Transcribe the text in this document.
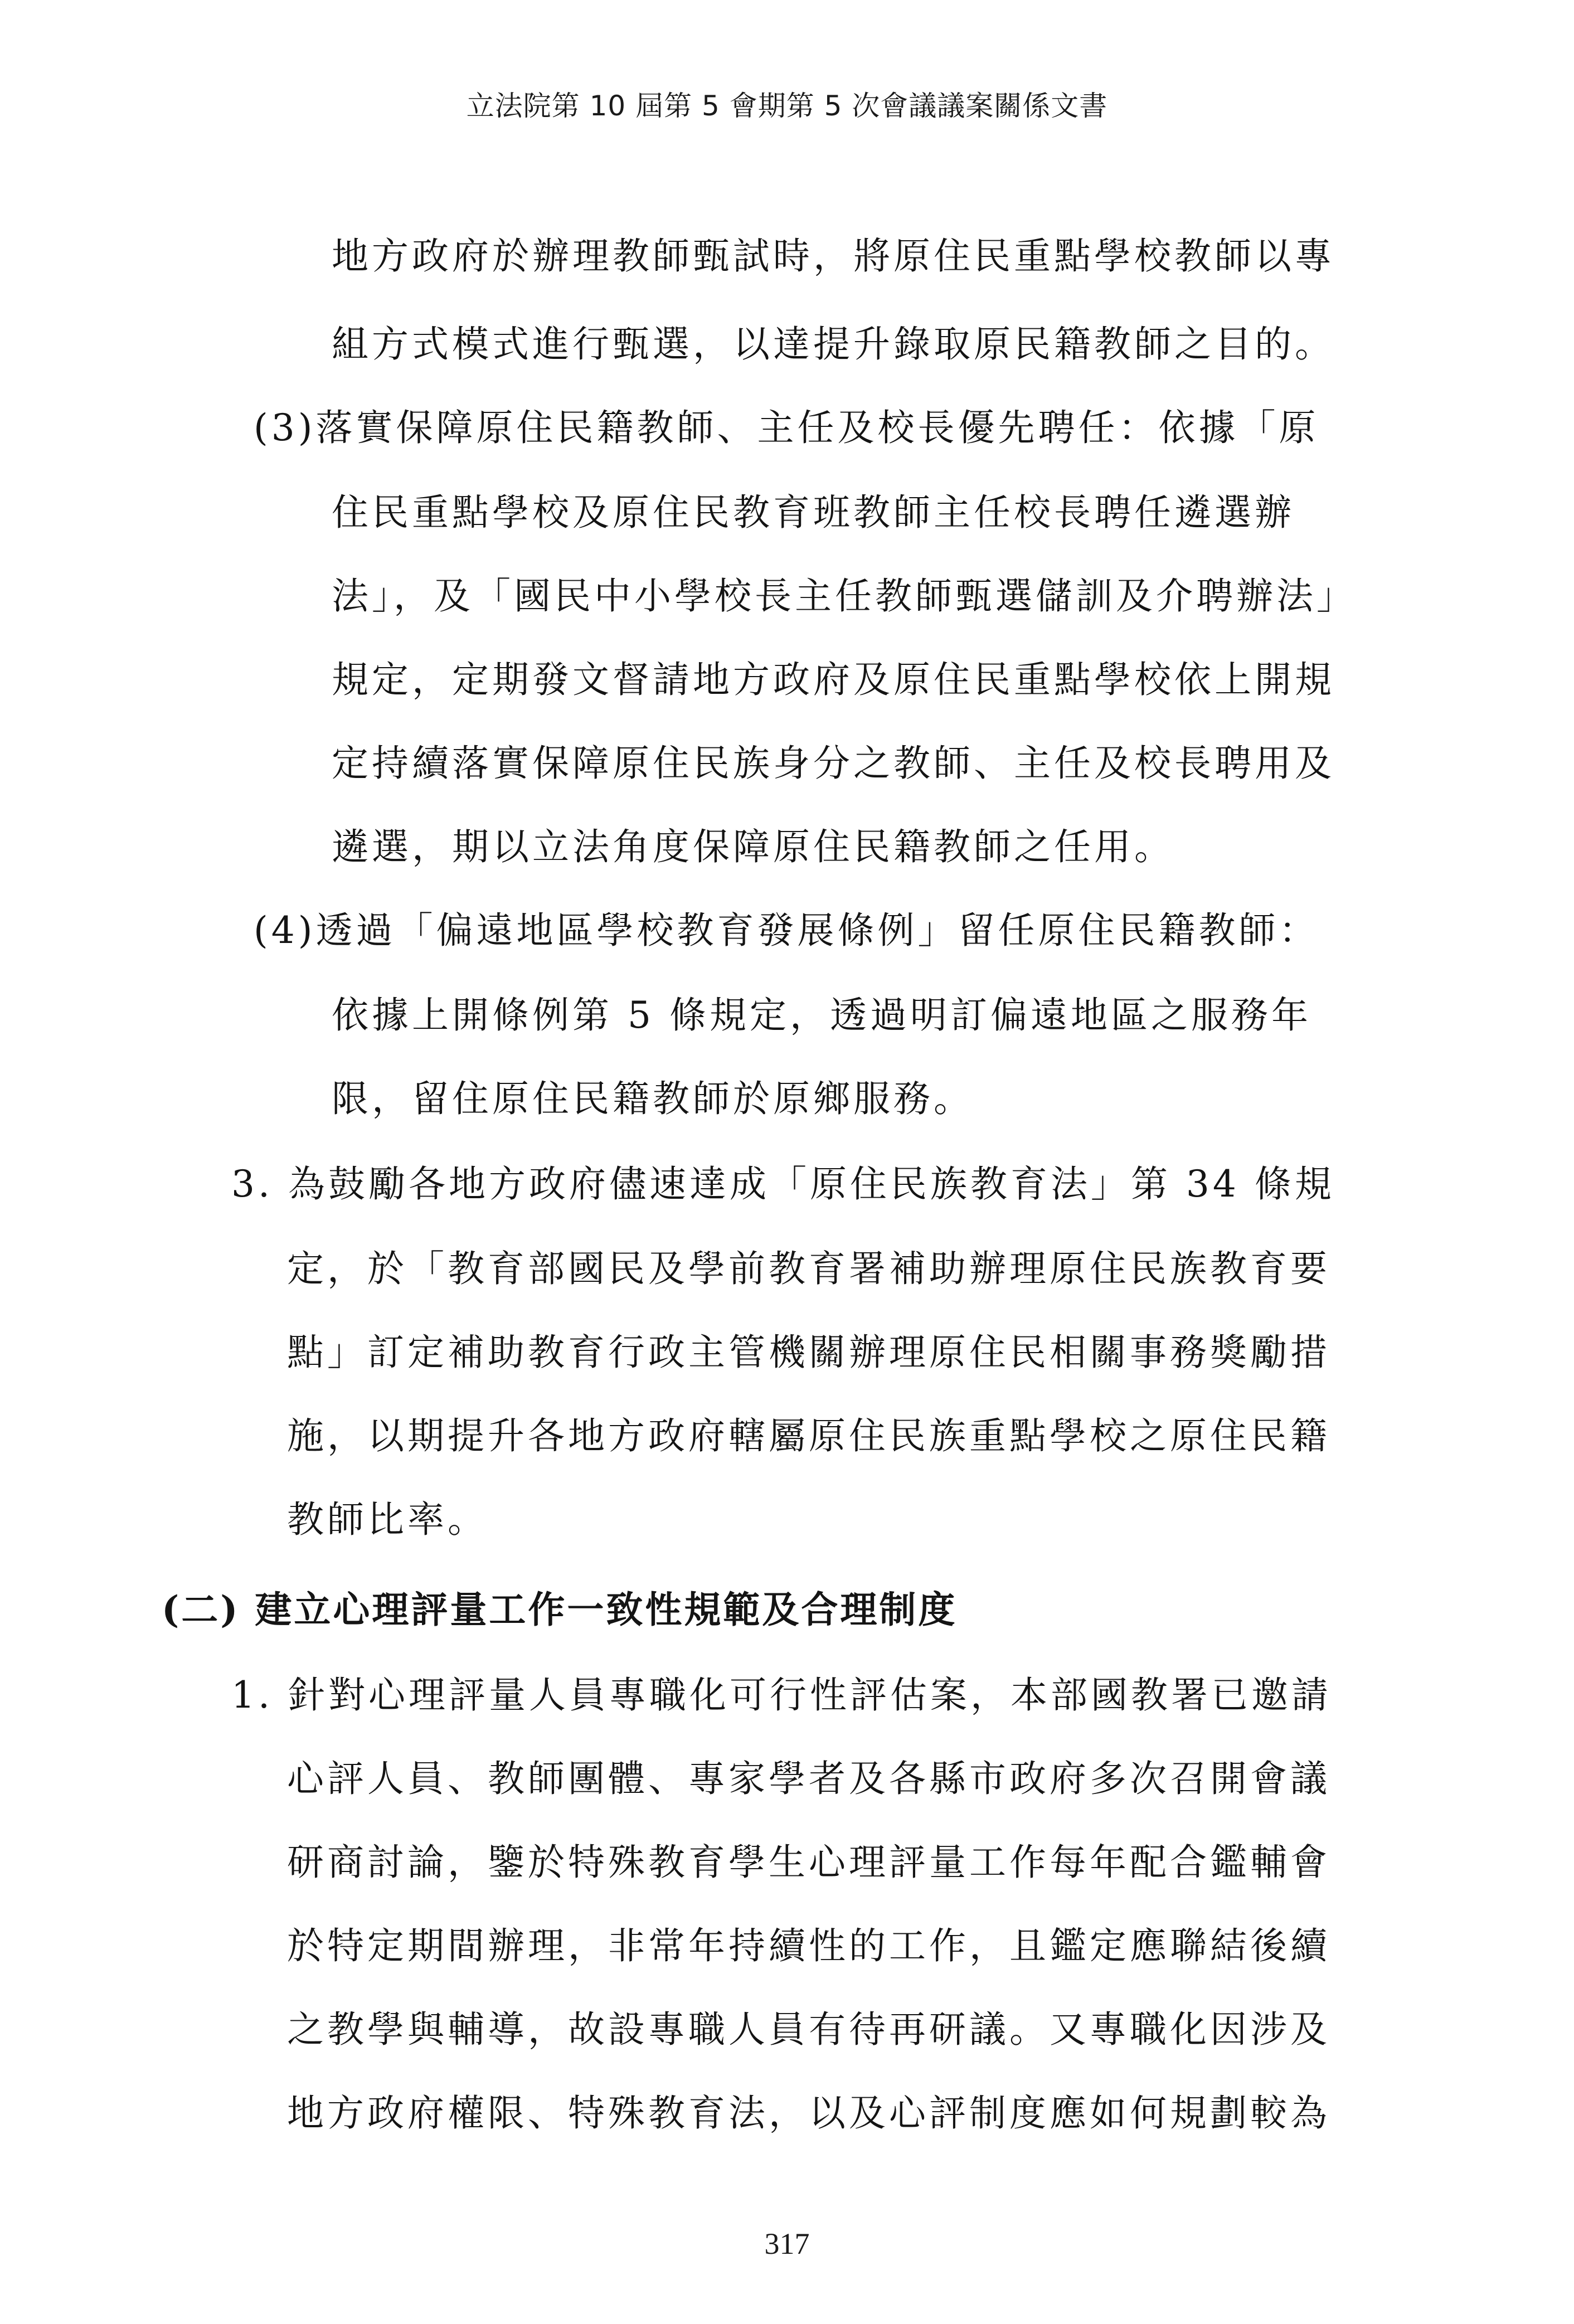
立法院第 10 屆第 5 會期第 5 次會議議案關係文書
地方政府於辦理教師甄試時，將原住民重點學校教師以專
組方式模式進行甄選，以達提升錄取原民籍教師之目的。
(3)落實保障原住民籍教師、主任及校長優先聘任：依據「原
住民重點學校及原住民教育班教師主任校長聘任遴選辦
法」，及「國民中小學校長主任教師甄選儲訓及介聘辦法」
規定，定期發文督請地方政府及原住民重點學校依上開規
定持續落實保障原住民族身分之教師、主任及校長聘用及
遴選，期以立法角度保障原住民籍教師之任用。
(4)透過「偏遠地區學校教育發展條例」留任原住民籍教師：
依據上開條例第 5 條規定，透過明訂偏遠地區之服務年
限，留住原住民籍教師於原鄉服務。
3. 為鼓勵各地方政府儘速達成「原住民族教育法」第 34 條規
定，於「教育部國民及學前教育署補助辦理原住民族教育要
點」訂定補助教育行政主管機關辦理原住民相關事務獎勵措
施，以期提升各地方政府轄屬原住民族重點學校之原住民籍
教師比率。
(二) 建立心理評量工作一致性規範及合理制度
1. 針對心理評量人員專職化可行性評估案，本部國教署已邀請
心評人員、教師團體、專家學者及各縣市政府多次召開會議
研商討論，鑒於特殊教育學生心理評量工作每年配合鑑輔會
於特定期間辦理，非常年持續性的工作，且鑑定應聯結後續
之教學與輔導，故設專職人員有待再研議。又專職化因涉及
地方政府權限、特殊教育法，以及心評制度應如何規劃較為
317
